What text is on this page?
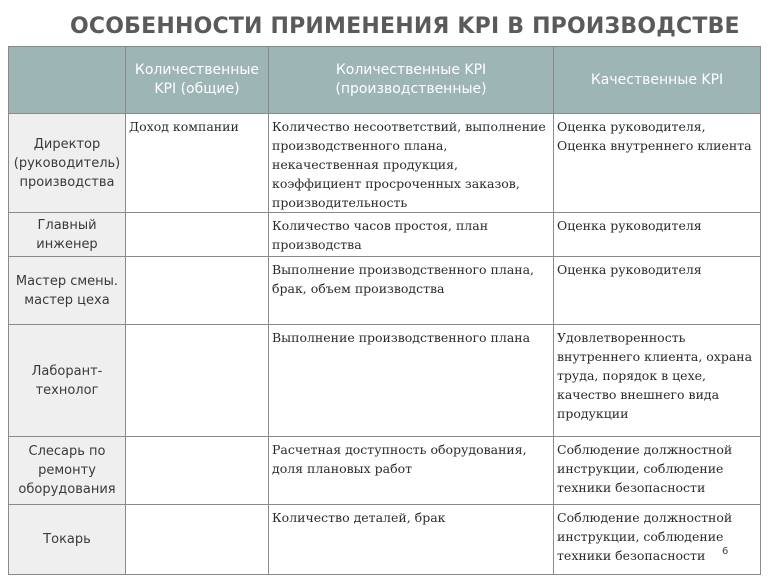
ОСОБЕННОСТИ ПРИМЕНЕНИЯ KPI В ПРОИЗВОДСТВЕ
	Количественные KPI (общие)	Количественные KPI (производственные)	Качественные KPI
Директор (руководитель) производства	Доход компании	Количество несоответствий, выполнение производственного плана, некачественная продукция, коэффициент просроченных заказов, производительность	Оценка руководителя, Оценка внутреннего клиента
Главный инженер		Количество часов простоя, план производства	Оценка руководителя
Мастер смены. мастер цеха		Выполнение производственного плана, брак, объем производства	Оценка руководителя
Лаборант-технолог		Выполнение производственного плана	Удовлетворенность внутреннего клиента, охрана труда, порядок в цехе, качество внешнего вида продукции
Слесарь по ремонту оборудования		Расчетная доступность оборудования, доля плановых работ	Соблюдение должностной инструкции, соблюдение техники безопасности
Токарь		Количество деталей, брак	Соблюдение должностной инструкции, соблюдение техники безопасности 6
